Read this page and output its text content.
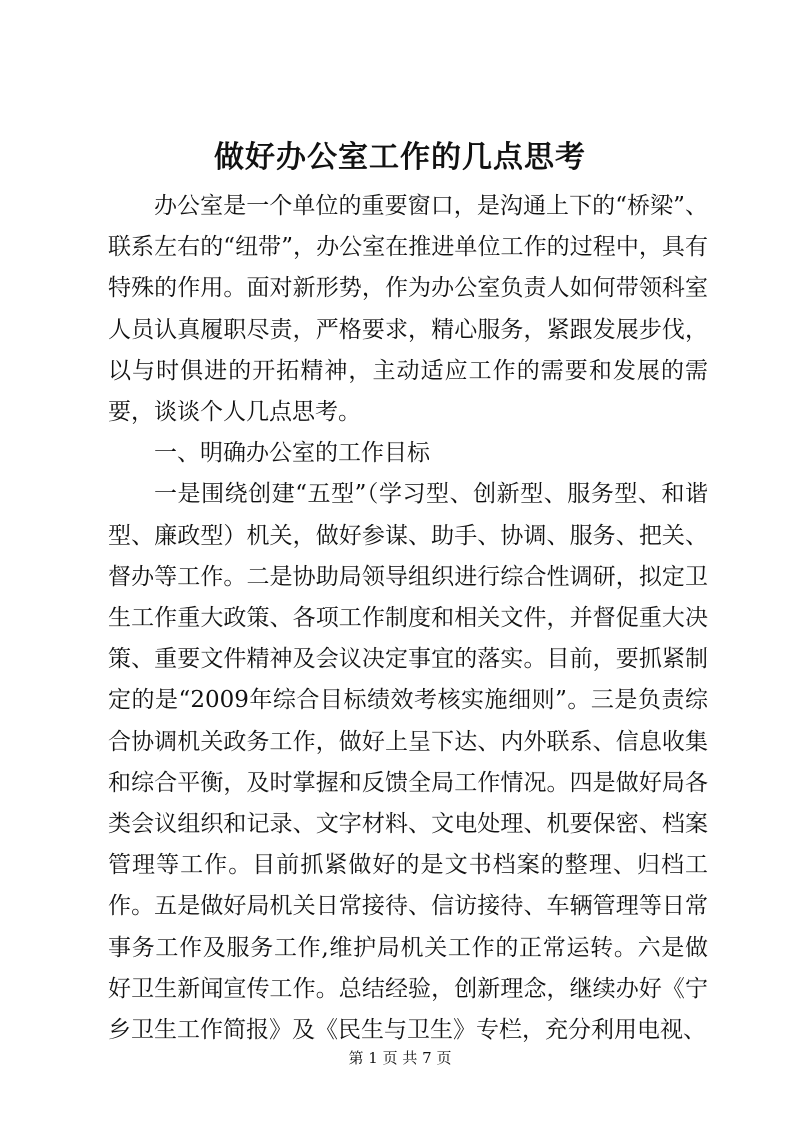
做好办公室工作的几点思考

办公室是一个单位的重要窗口，是沟通上下的“桥梁”、联系左右的“纽带”，办公室在推进单位工作的过程中，具有特殊的作用。面对新形势，作为办公室负责人如何带领科室人员认真履职尽责，严格要求，精心服务，紧跟发展步伐，以与时俱进的开拓精神，主动适应工作的需要和发展的需要，谈谈个人几点思考。

一、明确办公室的工作目标

一是围绕创建“五型”（学习型、创新型、服务型、和谐型、廉政型）机关，做好参谋、助手、协调、服务、把关、督办等工作。二是协助局领导组织进行综合性调研，拟定卫生工作重大政策、各项工作制度和相关文件，并督促重大决策、重要文件精神及会议决定事宜的落实。目前，要抓紧制定的是“2009年综合目标绩效考核实施细则”。三是负责综合协调机关政务工作，做好上呈下达、内外联系、信息收集和综合平衡，及时掌握和反馈全局工作情况。四是做好局各类会议组织和记录、文字材料、文电处理、机要保密、档案管理等工作。目前抓紧做好的是文书档案的整理、归档工作。五是做好局机关日常接待、信访接待、车辆管理等日常事务工作及服务工作,维护局机关工作的正常运转。六是做好卫生新闻宣传工作。总结经验，创新理念，继续办好《宁乡卫生工作简报》及《民生与卫生》专栏，充分利用电视、

第 1 页 共 7 页
